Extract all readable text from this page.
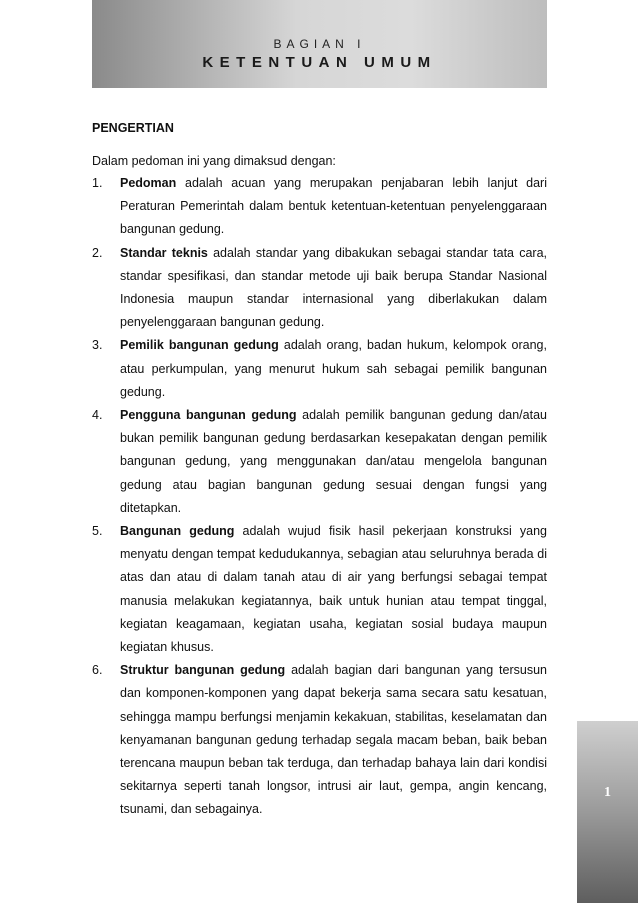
BAGIAN I
KETENTUAN UMUM
PENGERTIAN
Dalam pedoman ini yang dimaksud dengan:
1. Pedoman adalah acuan yang merupakan penjabaran lebih lanjut dari Peraturan Pemerintah dalam bentuk ketentuan-ketentuan penyelenggaraan bangunan gedung.
2. Standar teknis adalah standar yang dibakukan sebagai standar tata cara, standar spesifikasi, dan standar metode uji baik berupa Standar Nasional Indonesia maupun standar internasional yang diberlakukan dalam penyelenggaraan bangunan gedung.
3. Pemilik bangunan gedung adalah orang, badan hukum, kelompok orang, atau perkumpulan, yang menurut hukum sah sebagai pemilik bangunan gedung.
4. Pengguna bangunan gedung adalah pemilik bangunan gedung dan/atau bukan pemilik bangunan gedung berdasarkan kesepakatan dengan pemilik bangunan gedung, yang menggunakan dan/atau mengelola bangunan gedung atau bagian bangunan gedung sesuai dengan fungsi yang ditetapkan.
5. Bangunan gedung adalah wujud fisik hasil pekerjaan konstruksi yang menyatu dengan tempat kedudukannya, sebagian atau seluruhnya berada di atas dan atau di dalam tanah atau di air yang berfungsi sebagai tempat manusia melakukan kegiatannya, baik untuk hunian atau tempat tinggal, kegiatan keagamaan, kegiatan usaha, kegiatan sosial budaya maupun kegiatan khusus.
6. Struktur bangunan gedung adalah bagian dari bangunan yang tersusun dan komponen-komponen yang dapat bekerja sama secara satu kesatuan, sehingga mampu berfungsi menjamin kekakuan, stabilitas, keselamatan dan kenyamanan bangunan gedung terhadap segala macam beban, baik beban terencana maupun beban tak terduga, dan terhadap bahaya lain dari kondisi sekitarnya seperti tanah longsor, intrusi air laut, gempa, angin kencang, tsunami, dan sebagainya.
1
